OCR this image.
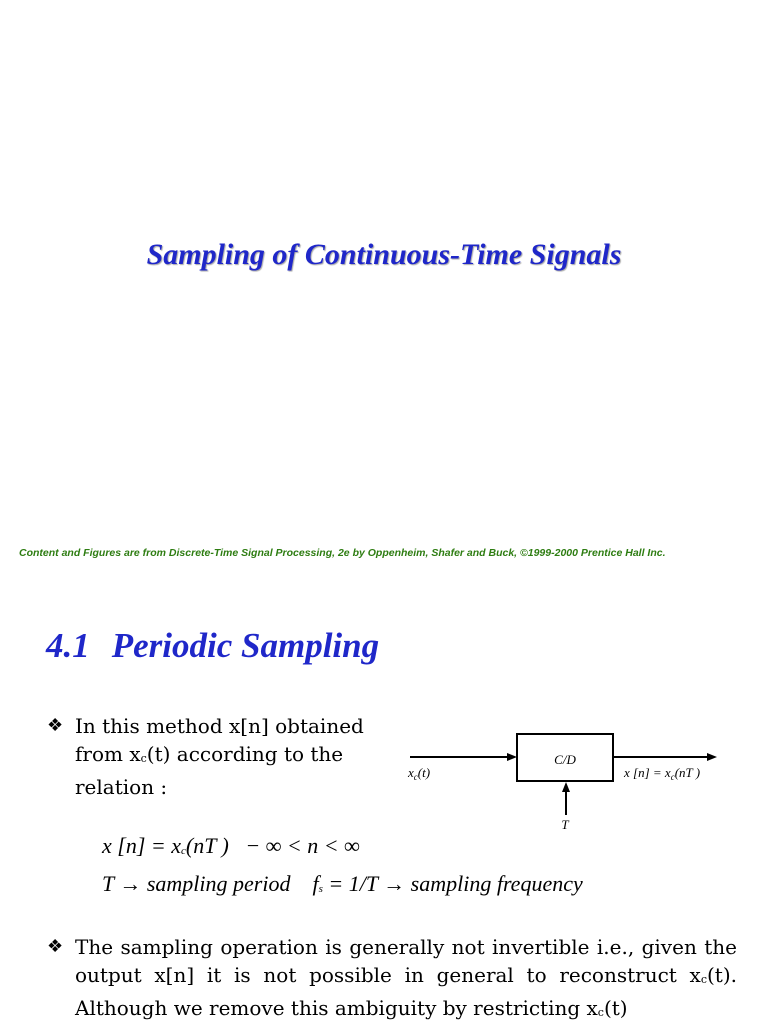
Sampling of Continuous-Time Signals
Content and Figures are from Discrete-Time Signal Processing, 2e by Oppenheim, Shafer and Buck, ©1999-2000 Prentice Hall Inc.
4.1 Periodic Sampling
❖ In this method x[n] obtained from $x_c(t)$ according to the relation :
C/D
$x_c(t)$	x $[n] = x_c(nT$ )
T
x $[n] = x_c(nT$ ) − ∞ < n < ∞
T → sampling period $f_s = 1/T$ → sampling frequency
❖ The sampling operation is generally not invertible i.e., given the output x[n] it is not possible in general to reconstruct $x_c(t)$. Although we remove this ambiguity by restricting $x_c(t)$
